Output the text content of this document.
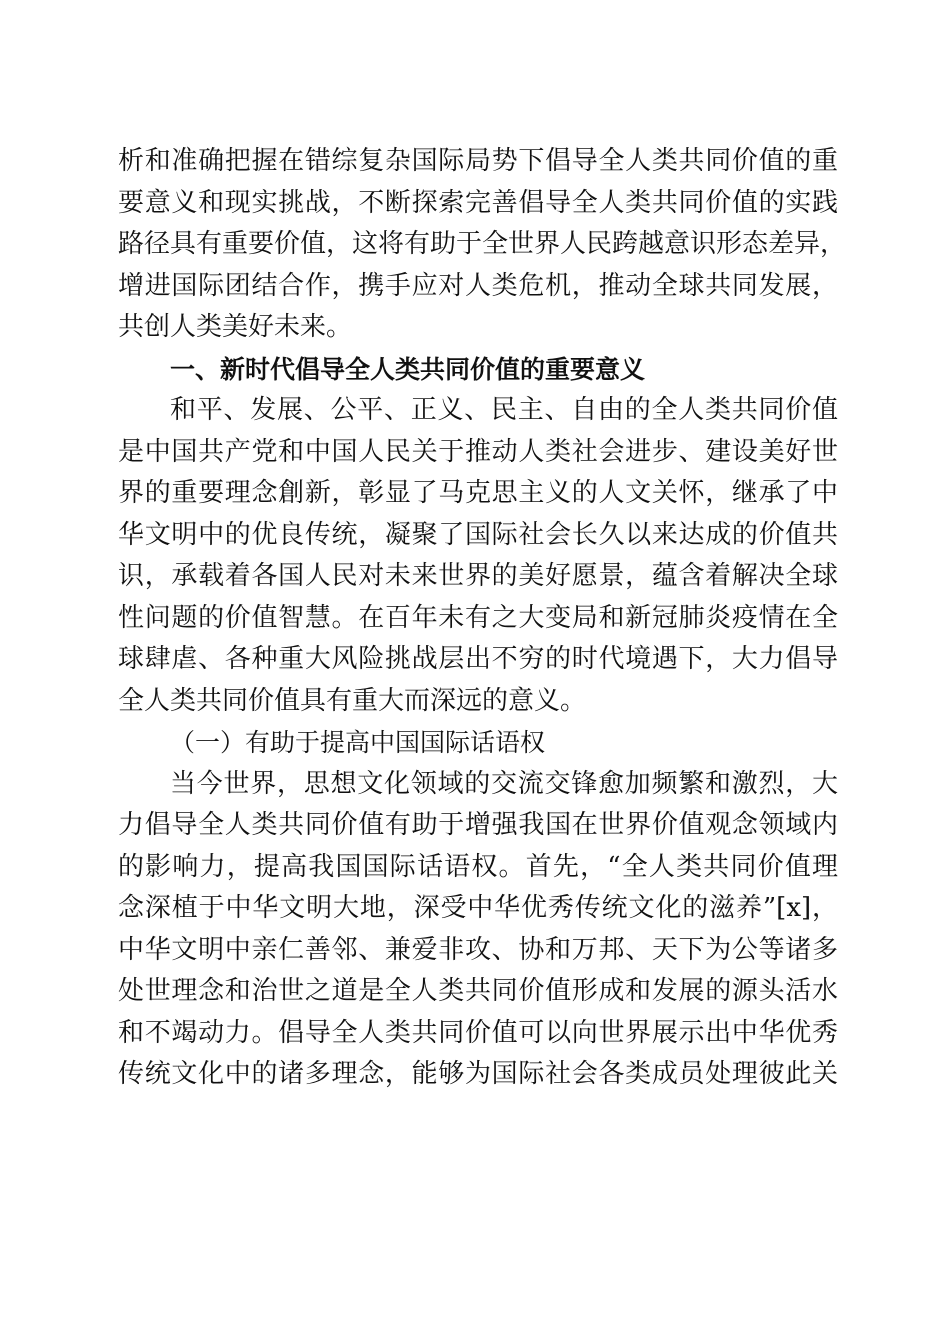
析和准确把握在错综复杂国际局势下倡导全人类共同价值的重
要意义和现实挑战，不断探索完善倡导全人类共同价值的实践
路径具有重要价值，这将有助于全世界人民跨越意识形态差异，
增进国际团结合作，携手应对人类危机，推动全球共同发展，
共创人类美好未来。
一、新时代倡导全人类共同价值的重要意义
和平、发展、公平、正义、民主、自由的全人类共同价值
是中国共产党和中国人民关于推动人类社会进步、建设美好世
界的重要理念創新，彰显了马克思主义的人文关怀，继承了中
华文明中的优良传统，凝聚了国际社会长久以来达成的价值共
识，承载着各国人民对未来世界的美好愿景，蕴含着解决全球
性问题的价值智慧。在百年未有之大变局和新冠肺炎疫情在全
球肆虐、各种重大风险挑战层出不穷的时代境遇下，大力倡导
全人类共同价值具有重大而深远的意义。
（一）有助于提高中国国际话语权
当今世界，思想文化领域的交流交锋愈加频繁和激烈，大
力倡导全人类共同价值有助于增强我国在世界价值观念领域内
的影响力，提高我国国际话语权。首先，“全人类共同价值理
念深植于中华文明大地，深受中华优秀传统文化的滋养”[x]，
中华文明中亲仁善邻、兼爱非攻、协和万邦、天下为公等诸多
处世理念和治世之道是全人类共同价值形成和发展的源头活水
和不竭动力。倡导全人类共同价值可以向世界展示出中华优秀
传统文化中的诸多理念，能够为国际社会各类成员处理彼此关
